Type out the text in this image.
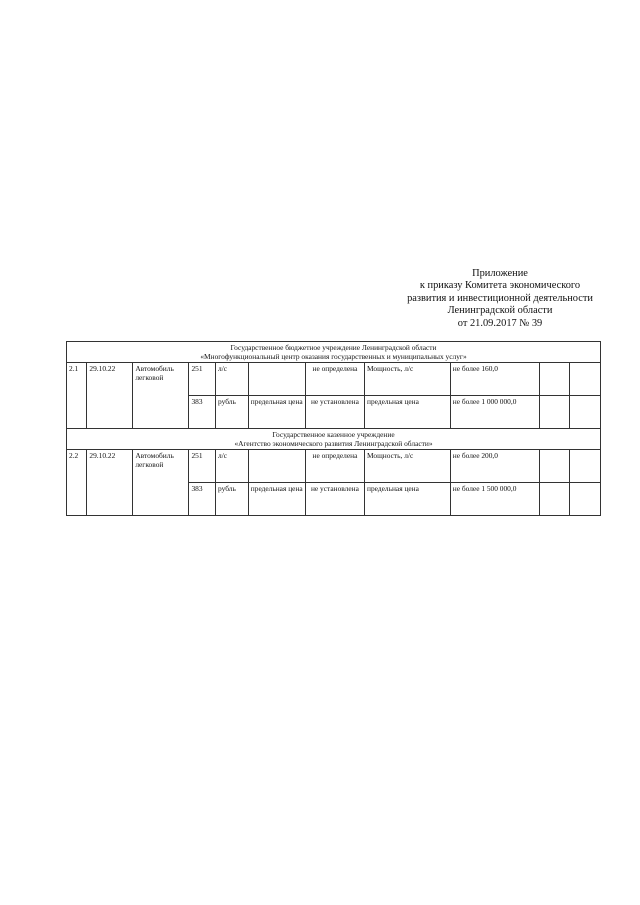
Приложение
к приказу Комитета экономического
развития и инвестиционной деятельности
Ленинградской области
от 21.09.2017 № 39
Государственное бюджетное учреждение Ленинградской области
«Многофункциональный центр оказания государственных и муниципальных услуг»										

2.1	29.10.22	Автомобиль легковой	251	л/с		не определена	Мощность, л/с	не более 160,0		
			383	рубль	предельная цена	не установлена	предельная цена	не более 1 000 000,0		

Государственное казенное учреждение
«Агентство экономического развития Ленинградской области»										

2.2	29.10.22	Автомобиль легковой	251	л/с		не определена	Мощность, л/с	не более 200,0		
			383	рубль	предельная цена	не установлена	предельная цена	не более 1 500 000,0		
